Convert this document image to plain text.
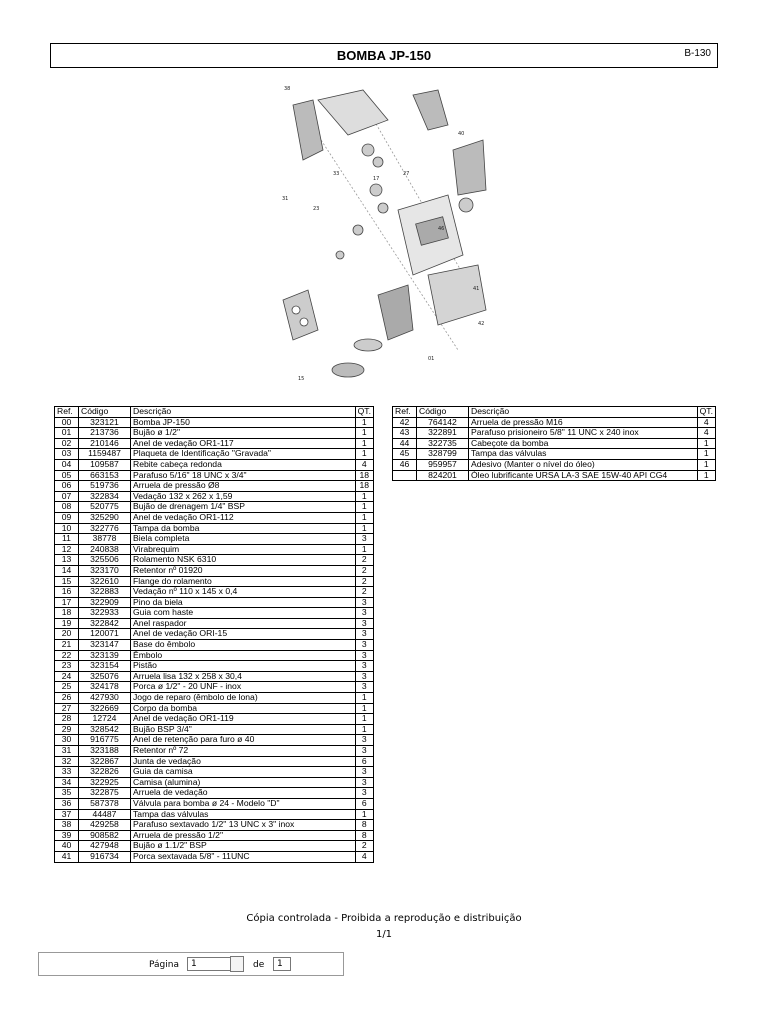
BOMBA JP-150	B-130
38
31
33
23
17
27
40
46
41
42
15
01
Ref.	Código	Descrição	QT.
00	323121	Bomba JP-150	1
01	213736	Bujão ø 1/2"	1
02	210146	Anel de vedação OR1-117	1
03	1159487	Plaqueta de Identificação "Gravada"	1
04	109587	Rebite cabeça redonda	4
05	663153	Parafuso 5/16" 18 UNC x 3/4"	18
06	519736	Arruela de pressão Ø8	18
07	322834	Vedação 132 x 262 x 1,59	1
08	520775	Bujão de drenagem 1/4" BSP	1
09	325290	Anel de vedação OR1-112	1
10	322776	Tampa da bomba	1
11	38778	Biela completa	3
12	240838	Virabrequim	1
13	325506	Rolamento NSK 6310	2
14	323170	Retentor nº 01920	2
15	322610	Flange do rolamento	2
16	322883	Vedação nº 110 x 145 x 0,4	2
17	322909	Pino da biela	3
18	322933	Guia com haste	3
19	322842	Anel raspador	3
20	120071	Anel de vedação ORI-15	3
21	323147	Base do êmbolo	3
22	323139	Êmbolo	3
23	323154	Pistão	3
24	325076	Arruela lisa 132 x 258 x 30,4	3
25	324178	Porca ø 1/2" - 20 UNF - inox	3
26	427930	Jogo de reparo (êmbolo de lona)	1
27	322669	Corpo da bomba	1
28	12724	Anel de vedação OR1-119	1
29	328542	Bujão BSP 3/4"	1
30	916775	Anel de retenção para furo ø 40	3
31	323188	Retentor nº 72	3
32	322867	Junta de vedação	6
33	322826	Guia da camisa	3
34	322925	Camisa (alumina)	3
35	322875	Arruela de vedação	3
36	587378	Válvula para bomba ø 24 - Modelo "D"	6
37	44487	Tampa das válvulas	1
38	429258	Parafuso sextavado 1/2" 13 UNC x 3" inox	8
39	908582	Arruela de pressão 1/2"	8
40	427948	Bujão ø 1.1/2" BSP	2
41	916734	Porca sextavada 5/8" - 11UNC	4
Ref.	Código	Descrição	QT.
42	764142	Arruela de pressão M16	4
43	322891	Parafuso prisioneiro 5/8" 11 UNC x 240 inox	4
44	322735	Cabeçote da bomba	1
45	328799	Tampa das válvulas	1
46	959957	Adesivo (Manter o nível do óleo)	1
	824201	Óleo lubrificante URSA LA-3 SAE 15W-40 API CG4	1
Cópia controlada - Proibida a reprodução e distribuição
1/1
Página	1	de	1
